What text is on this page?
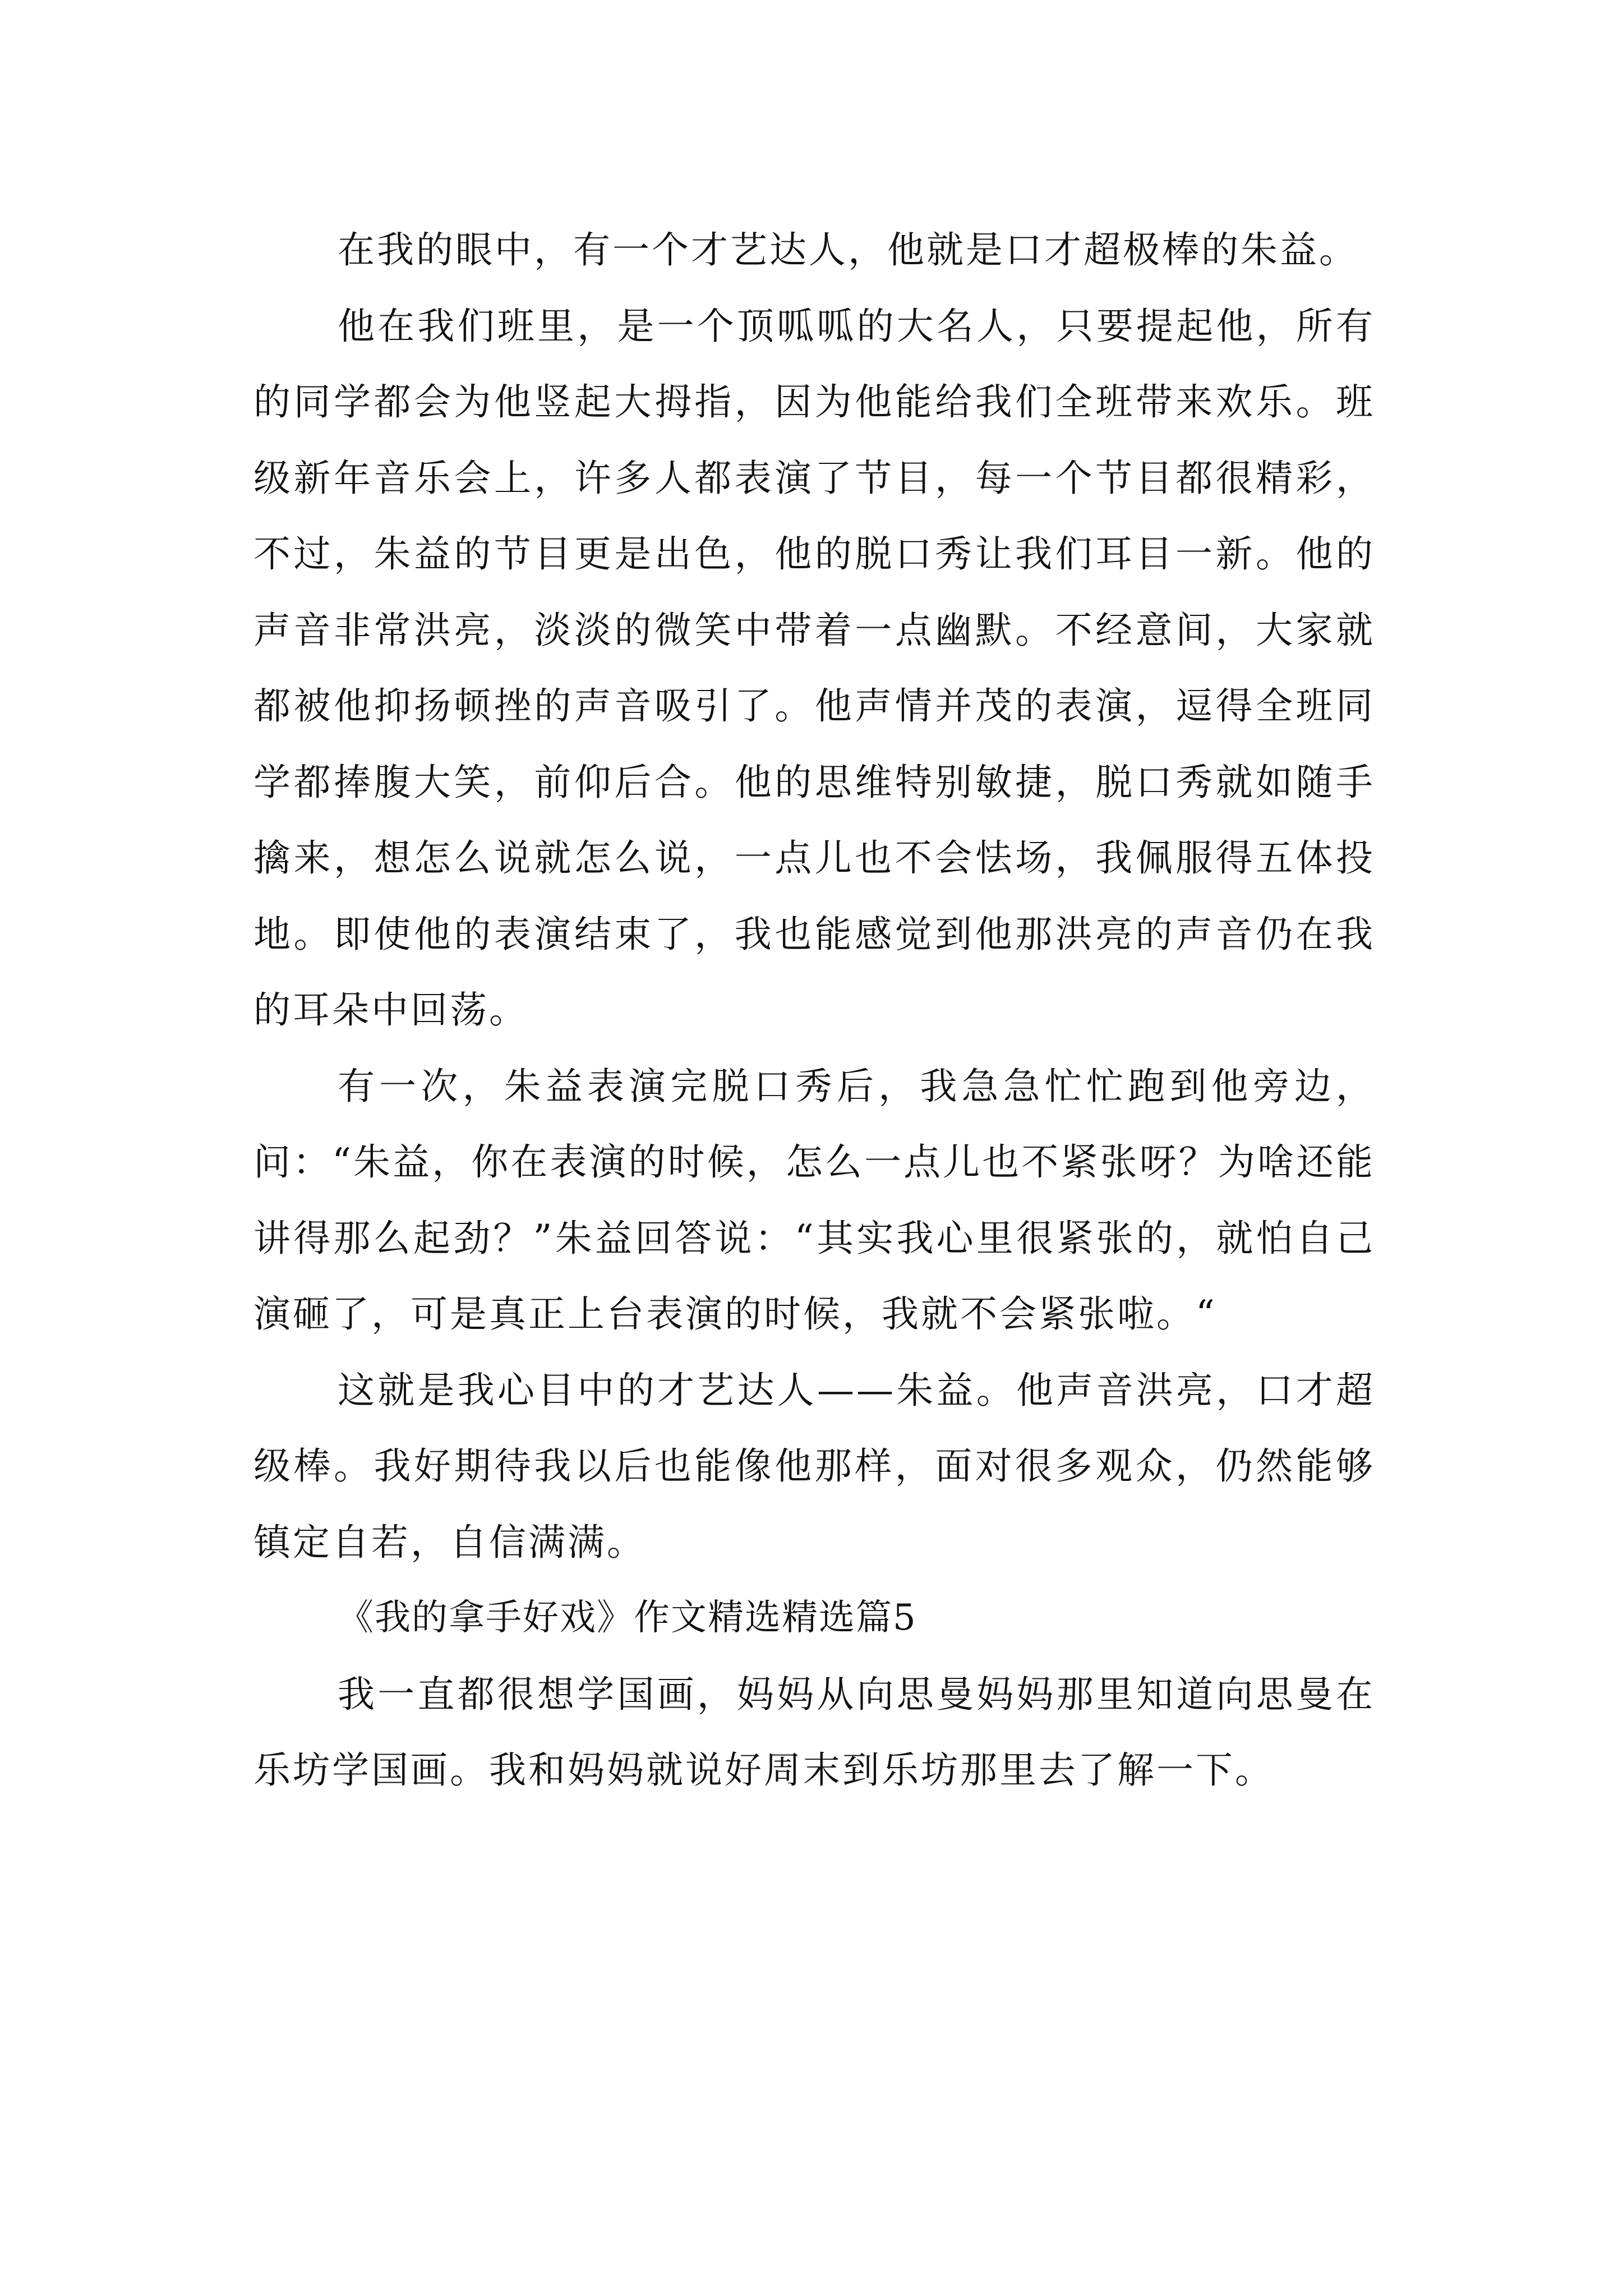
在我的眼中，有一个才艺达人，他就是口才超极棒的朱益。

他在我们班里，是一个顶呱呱的大名人，只要提起他，所有的同学都会为他竖起大拇指，因为他能给我们全班带来欢乐。班级新年音乐会上，许多人都表演了节目，每一个节目都很精彩，不过，朱益的节目更是出色，他的脱口秀让我们耳目一新。他的声音非常洪亮，淡淡的微笑中带着一点幽默。不经意间，大家就都被他抑扬顿挫的声音吸引了。他声情并茂的表演，逗得全班同学都捧腹大笑，前仰后合。他的思维特别敏捷，脱口秀就如随手擒来，想怎么说就怎么说，一点儿也不会怯场，我佩服得五体投地。即使他的表演结束了，我也能感觉到他那洪亮的声音仍在我的耳朵中回荡。

有一次，朱益表演完脱口秀后，我急急忙忙跑到他旁边，问：“朱益，你在表演的时候，怎么一点儿也不紧张呀？为啥还能讲得那么起劲？”朱益回答说：“其实我心里很紧张的，就怕自己演砸了，可是真正上台表演的时候，我就不会紧张啦。“

这就是我心目中的才艺达人——朱益。他声音洪亮，口才超级棒。我好期待我以后也能像他那样，面对很多观众，仍然能够镇定自若，自信满满。

《我的拿手好戏》作文精选精选篇5

我一直都很想学国画，妈妈从向思曼妈妈那里知道向思曼在乐坊学国画。我和妈妈就说好周末到乐坊那里去了解一下。
